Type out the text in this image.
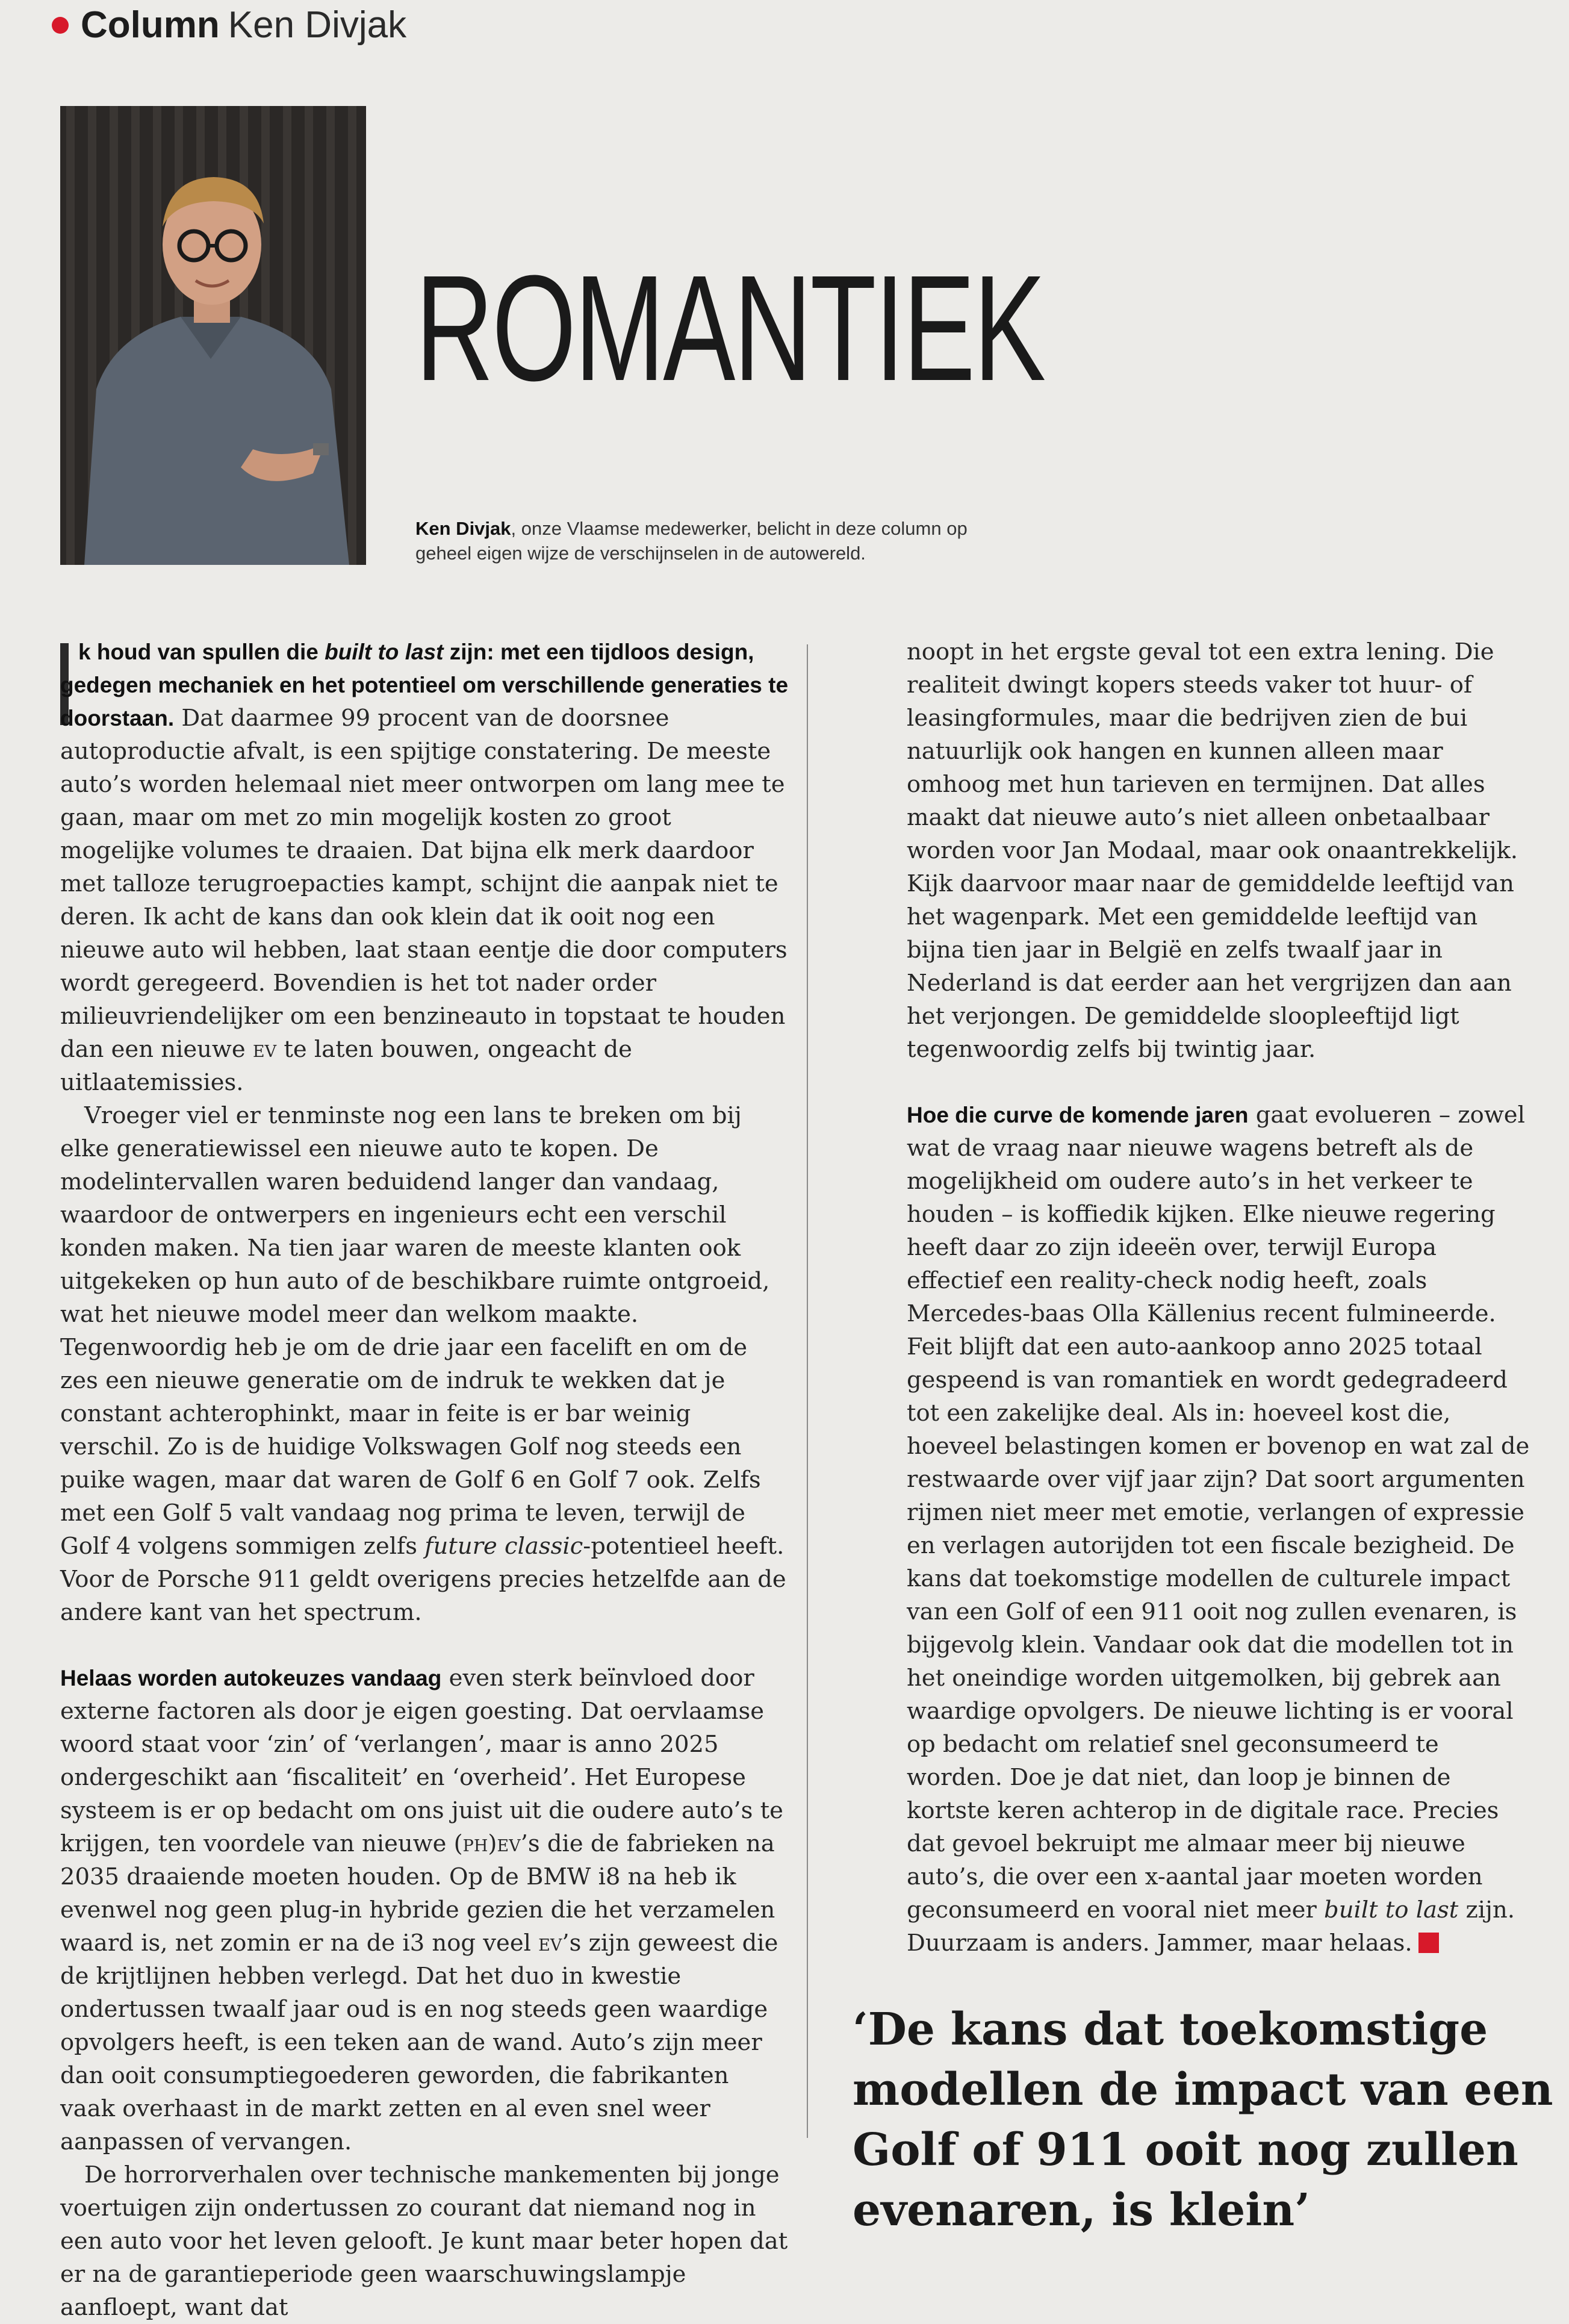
Column Ken Divjak
ROMANTIEK
Ken Divjak, onze Vlaamse medewerker, belicht in deze column op geheel eigen wijze de verschijnselen in de autowereld.

k houd van spullen die built to last zijn: met een tijdloos design, gedegen mechaniek en het potentieel om verschillende generaties te doorstaan. Dat daarmee 99 procent van de doorsnee autoproductie afvalt, is een spijtige constatering. De meeste auto’s worden helemaal niet meer ontworpen om lang mee te gaan, maar om met zo min mogelijk kosten zo groot mogelijke volumes te draaien. Dat bijna elk merk daardoor met talloze terugroepacties kampt, schijnt die aanpak niet te deren. Ik acht de kans dan ook klein dat ik ooit nog een nieuwe auto wil hebben, laat staan eentje die door computers wordt geregeerd. Bovendien is het tot nader order milieuvriendelijker om een benzineauto in topstaat te houden dan een nieuwe ev te laten bouwen, ongeacht de uitlaatemissies.

Vroeger viel er tenminste nog een lans te breken om bij elke generatiewissel een nieuwe auto te kopen. De modelintervallen waren beduidend langer dan vandaag, waardoor de ontwerpers en ingenieurs echt een verschil konden maken. Na tien jaar waren de meeste klanten ook uitgekeken op hun auto of de beschikbare ruimte ontgroeid, wat het nieuwe model meer dan welkom maakte. Tegenwoordig heb je om de drie jaar een facelift en om de zes een nieuwe generatie om de indruk te wekken dat je constant achterophinkt, maar in feite is er bar weinig verschil. Zo is de huidige Volkswagen Golf nog steeds een puike wagen, maar dat waren de Golf 6 en Golf 7 ook. Zelfs met een Golf 5 valt vandaag nog prima te leven, terwijl de Golf 4 volgens sommigen zelfs future classic-potentieel heeft. Voor de Porsche 911 geldt overigens precies hetzelfde aan de andere kant van het spectrum.

Helaas worden autokeuzes vandaag even sterk beïnvloed door externe factoren als door je eigen goesting. Dat oervlaamse woord staat voor ‘zin’ of ‘verlangen’, maar is anno 2025 ondergeschikt aan ‘fiscaliteit’ en ‘overheid’. Het Europese systeem is er op bedacht om ons juist uit die oudere auto’s te krijgen, ten voordele van nieuwe (ph)ev’s die de fabrieken na 2035 draaiende moeten houden. Op de BMW i8 na heb ik evenwel nog geen plug-in hybride gezien die het verzamelen waard is, net zomin er na de i3 nog veel ev’s zijn geweest die de krijtlijnen hebben verlegd. Dat het duo in kwestie ondertussen twaalf jaar oud is en nog steeds geen waardige opvolgers heeft, is een teken aan de wand. Auto’s zijn meer dan ooit consumptiegoederen geworden, die fabrikanten vaak overhaast in de markt zetten en al even snel weer aanpassen of vervangen.

De horrorverhalen over technische mankementen bij jonge voertuigen zijn ondertussen zo courant dat niemand nog in een auto voor het leven gelooft. Je kunt maar beter hopen dat er na de garantieperiode geen waarschuwingslampje aanfloept, want dat

noopt in het ergste geval tot een extra lening. Die realiteit dwingt kopers steeds vaker tot huur- of leasingformules, maar die bedrijven zien de bui natuurlijk ook hangen en kunnen alleen maar omhoog met hun tarieven en termijnen. Dat alles maakt dat nieuwe auto’s niet alleen onbetaalbaar worden voor Jan Modaal, maar ook onaantrekkelijk. Kijk daarvoor maar naar de gemiddelde leeftijd van het wagenpark. Met een gemiddelde leeftijd van bijna tien jaar in België en zelfs twaalf jaar in Nederland is dat eerder aan het vergrijzen dan aan het verjongen. De gemiddelde sloopleeftijd ligt tegenwoordig zelfs bij twintig jaar.

Hoe die curve de komende jaren gaat evolueren – zowel wat de vraag naar nieuwe wagens betreft als de mogelijkheid om oudere auto’s in het verkeer te houden – is koffiedik kijken. Elke nieuwe regering heeft daar zo zijn ideeën over, terwijl Europa effectief een reality-check nodig heeft, zoals Mercedes-baas Olla Källenius recent fulmineerde. Feit blijft dat een auto-aankoop anno 2025 totaal gespeend is van romantiek en wordt gedegradeerd tot een zakelijke deal. Als in: hoeveel kost die, hoeveel belastingen komen er bovenop en wat zal de restwaarde over vijf jaar zijn? Dat soort argumenten rijmen niet meer met emotie, verlangen of expressie en verlagen autorijden tot een fiscale bezigheid. De kans dat toekomstige modellen de culturele impact van een Golf of een 911 ooit nog zullen evenaren, is bijgevolg klein. Vandaar ook dat die modellen tot in het oneindige worden uitgemolken, bij gebrek aan waardige opvolgers. De nieuwe lichting is er vooral op bedacht om relatief snel geconsumeerd te worden. Doe je dat niet, dan loop je binnen de kortste keren achterop in de digitale race. Precies dat gevoel bekruipt me almaar meer bij nieuwe auto’s, die over een x-aantal jaar moeten worden geconsumeerd en vooral niet meer built to last zijn. Duurzaam is anders. Jammer, maar helaas.

‘De kans dat toekomstige modellen de impact van een Golf of 911 ooit nog zullen evenaren, is klein’
